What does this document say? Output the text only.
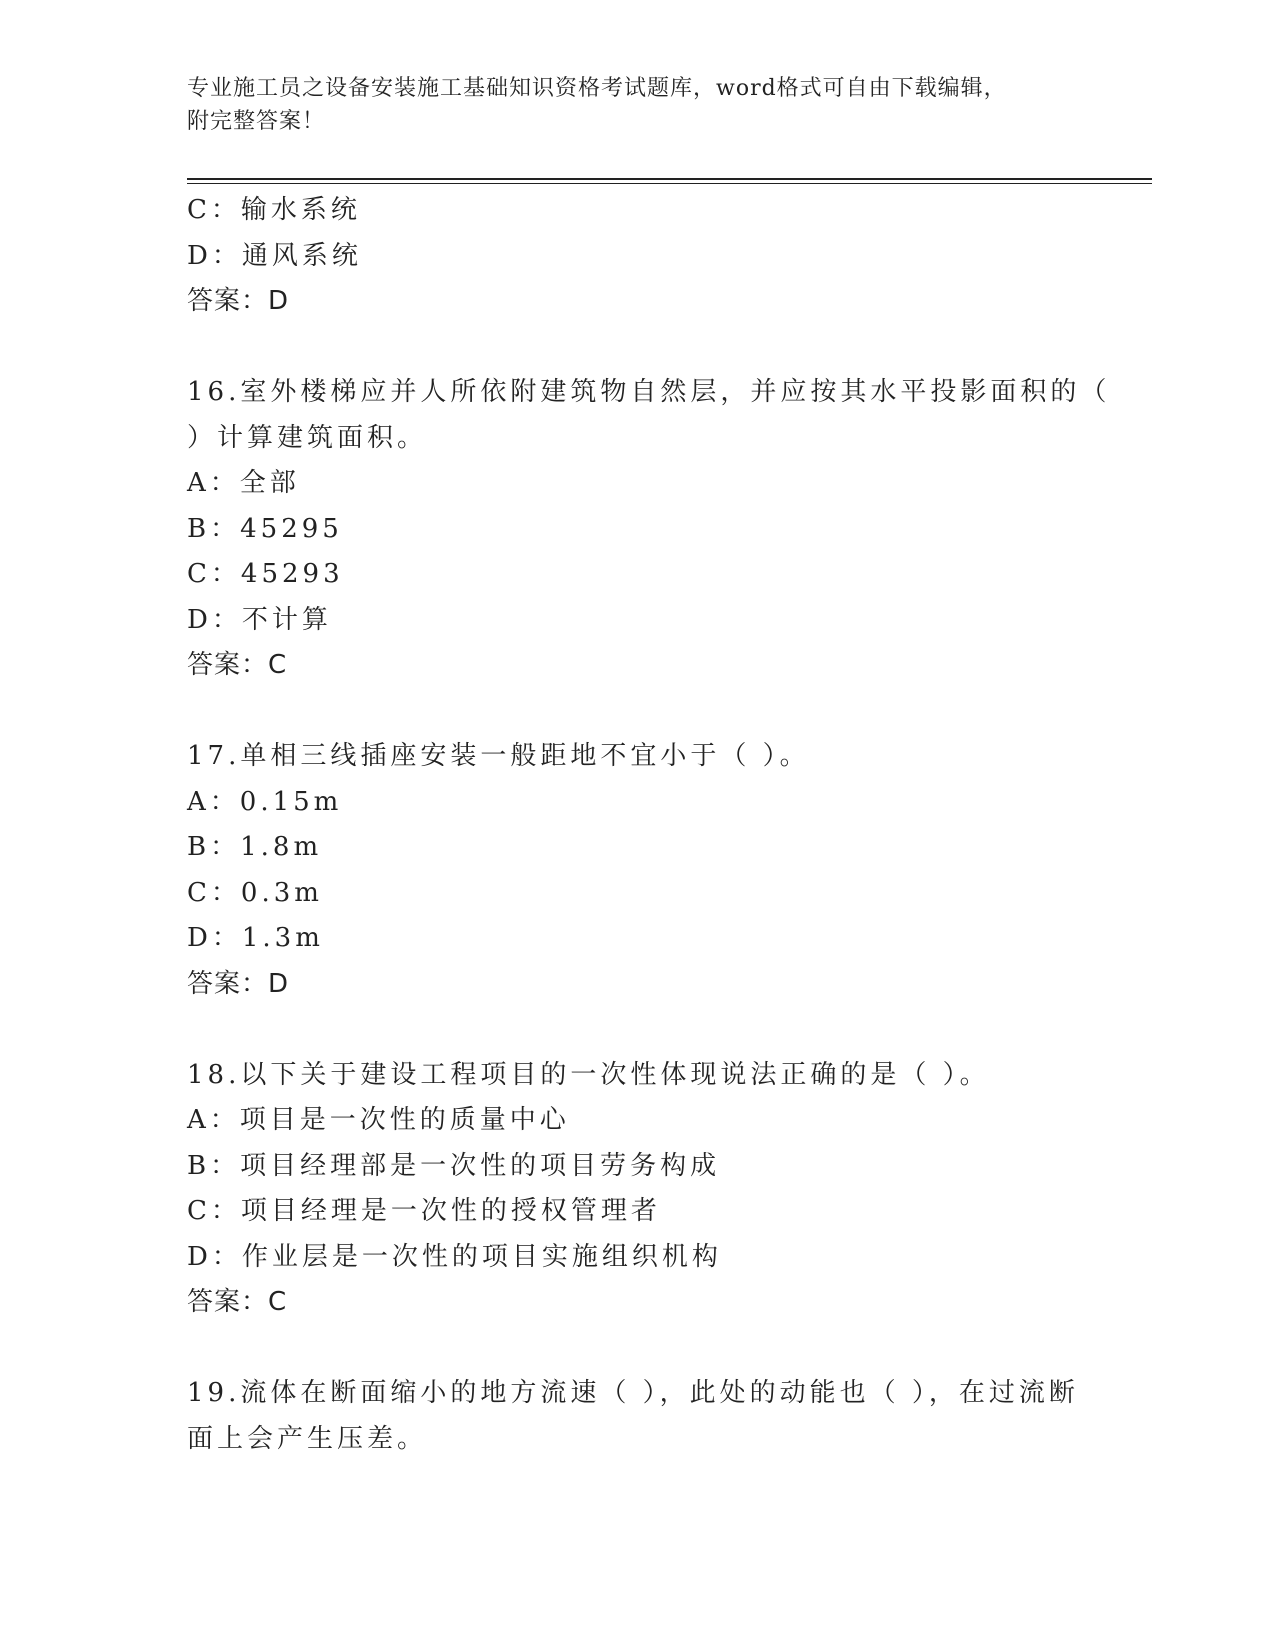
专业施工员之设备安装施工基础知识资格考试题库，word格式可自由下载编辑，
附完整答案！
C：输水系统
D：通风系统
答案：D
16.室外楼梯应并人所依附建筑物自然层，并应按其水平投影面积的（
）计算建筑面积。
A：全部
B：45295
C：45293
D：不计算
答案：C
17.单相三线插座安装一般距地不宜小于（ ）。
A：0.15m
B：1.8m
C：0.3m
D：1.3m
答案：D
18.以下关于建设工程项目的一次性体现说法正确的是（ ）。
A：项目是一次性的质量中心
B：项目经理部是一次性的项目劳务构成
C：项目经理是一次性的授权管理者
D：作业层是一次性的项目实施组织机构
答案：C
19.流体在断面缩小的地方流速（ ），此处的动能也（ ），在过流断
面上会产生压差。
